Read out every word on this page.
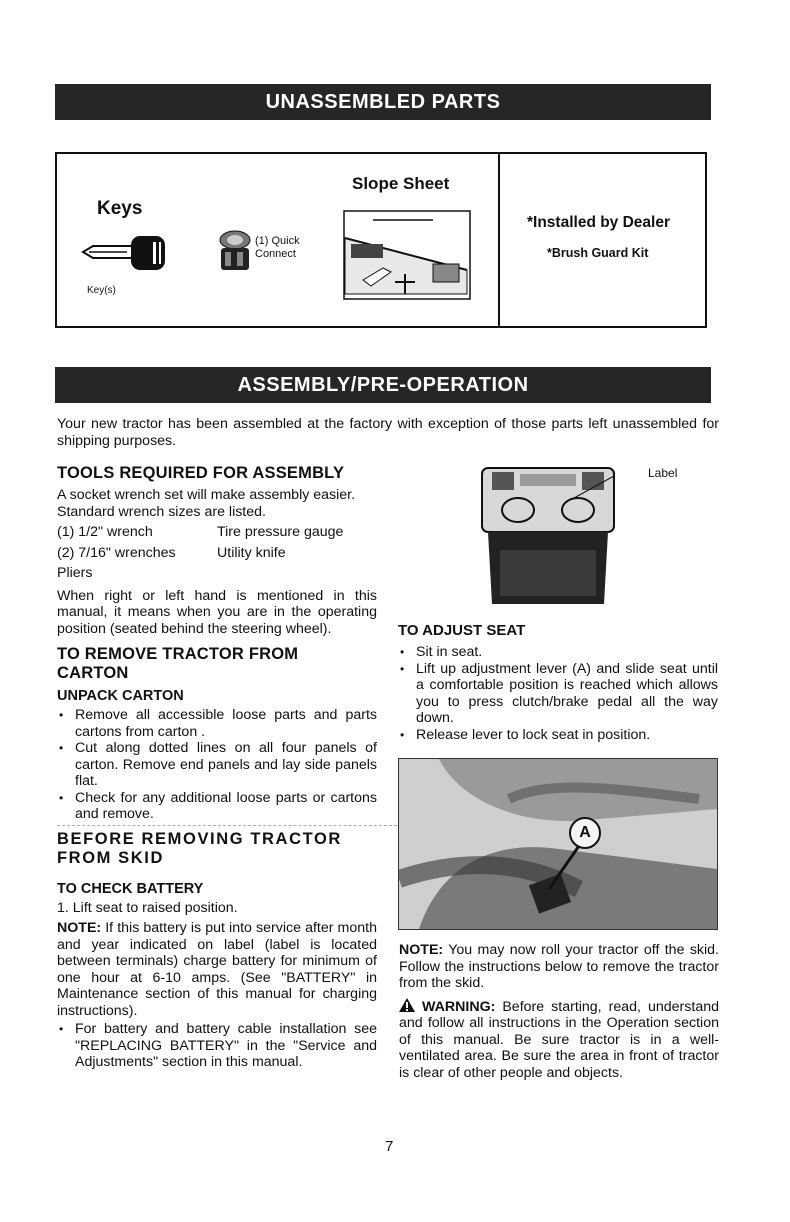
UNASSEMBLED PARTS
Keys
Key(s)
(1) Quick
Connect
Slope Sheet
*Installed by Dealer
*Brush Guard Kit
ASSEMBLY/PRE-OPERATION

Your new tractor has been assembled at the factory with exception of those parts left unassembled for shipping purposes.

TOOLS REQUIRED FOR ASSEMBLY

A socket wrench set will make assembly easier. Standard wrench sizes are listed.

(1) 1/2" wrench	Tire pressure gauge
(2) 7/16" wrenches	Utility knife
Pliers

When right or left hand is mentioned in this manual, it means when you are in the operating position (seated behind the steering wheel).

TO REMOVE TRACTOR FROM CARTON

UNPACK CARTON

• Remove all accessible loose parts and parts cartons from carton .
• Cut along dotted lines on all four panels of carton. Remove end panels and lay side panels flat.
• Check for any additional loose parts or cartons and remove.

BEFORE REMOVING TRACTOR FROM SKID

TO CHECK BATTERY

1. Lift seat to raised position.

NOTE: If this battery is put into service after month and year indicated on label (label is located between terminals) charge battery for minimum of one hour at 6-10 amps. (See "BATTERY" in Maintenance section of this manual for charging instructions).

• For battery and battery cable installation see "REPLACING BATTERY" in the "Service and Adjustments" section in this manual.
Label

TO ADJUST SEAT

• Sit in seat.
• Lift up adjustment lever (A) and slide seat until a comfortable position is reached which allows you to press clutch/brake pedal all the way down.
• Release lever to lock seat in position.
A

NOTE: You may now roll your tractor off the skid. Follow the instructions below to remove the tractor from the skid.

WARNING: Before starting, read, understand and follow all instructions in the Operation section of this manual. Be sure tractor is in a well-ventilated area. Be sure the area in front of tractor is clear of other people and objects.

7
